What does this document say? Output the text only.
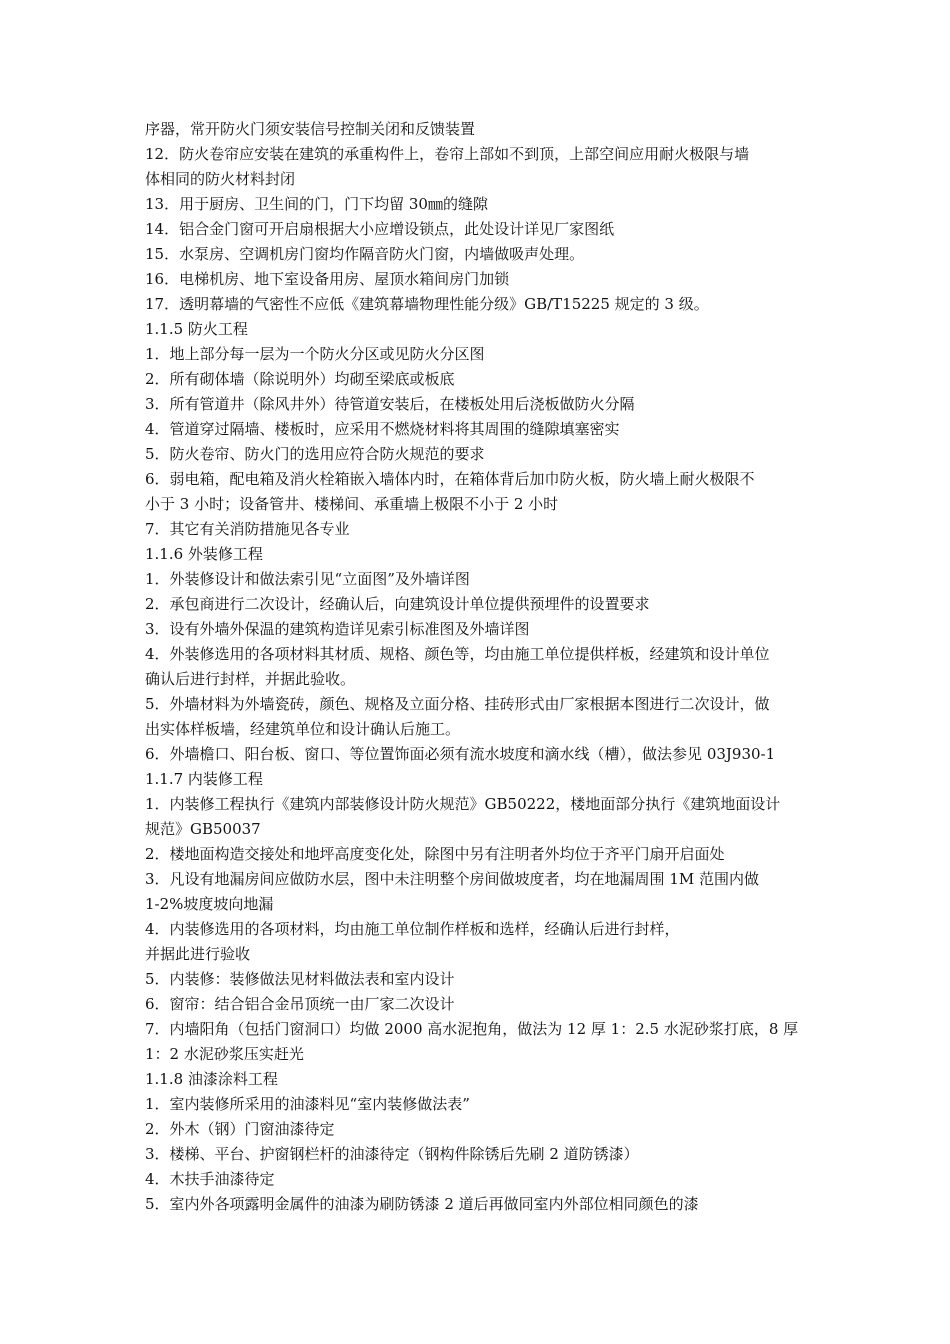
序器，常开防火门须安装信号控制关闭和反馈装置
12．防火卷帘应安装在建筑的承重构件上，卷帘上部如不到顶，上部空间应用耐火极限与墙
体相同的防火材料封闭
13．用于厨房、卫生间的门，门下均留 30㎜的缝隙
14．铝合金门窗可开启扇根据大小应增设锁点，此处设计详见厂家图纸
15．水泵房、空调机房门窗均作隔音防火门窗，内墙做吸声处理。
16．电梯机房、地下室设备用房、屋顶水箱间房门加锁
17．透明幕墙的气密性不应低《建筑幕墙物理性能分级》GB/T15225 规定的 3 级。
1.1.5 防火工程
1．地上部分每一层为一个防火分区或见防火分区图
2．所有砌体墙（除说明外）均砌至梁底或板底
3．所有管道井（除风井外）待管道安装后，在楼板处用后浇板做防火分隔
4．管道穿过隔墙、楼板时，应采用不燃烧材料将其周围的缝隙填塞密实
5．防火卷帘、防火门的选用应符合防火规范的要求
6．弱电箱，配电箱及消火栓箱嵌入墙体内时，在箱体背后加巾防火板，防火墙上耐火极限不
小于 3 小时；设备管井、楼梯间、承重墙上极限不小于 2 小时
7．其它有关消防措施见各专业
1.1.6 外装修工程
1．外装修设计和做法索引见“立面图”及外墙详图
2．承包商进行二次设计，经确认后，向建筑设计单位提供预埋件的设置要求
3．设有外墙外保温的建筑构造详见索引标准图及外墙详图
4．外装修选用的各项材料其材质、规格、颜色等，均由施工单位提供样板，经建筑和设计单位
确认后进行封样，并据此验收。
5．外墙材料为外墙瓷砖，颜色、规格及立面分格、挂砖形式由厂家根据本图进行二次设计，做
出实体样板墙，经建筑单位和设计确认后施工。
6．外墙檐口、阳台板、窗口、等位置饰面必须有流水坡度和滴水线（槽），做法参见 03J930-1
1.1.7 内装修工程
1．内装修工程执行《建筑内部装修设计防火规范》GB50222，楼地面部分执行《建筑地面设计
规范》GB50037
2．楼地面构造交接处和地坪高度变化处，除图中另有注明者外均位于齐平门扇开启面处
3．凡设有地漏房间应做防水层，图中未注明整个房间做坡度者，均在地漏周围 1M 范围内做
1-2%坡度坡向地漏
4．内装修选用的各项材料，均由施工单位制作样板和选样，经确认后进行封样，
并据此进行验收
5．内装修：装修做法见材料做法表和室内设计
6．窗帘：结合铝合金吊顶统一由厂家二次设计
7．内墙阳角（包括门窗洞口）均做 2000 高水泥抱角，做法为 12 厚 1：2.5 水泥砂浆打底，8 厚
1：2 水泥砂浆压实赶光
1.1.8 油漆涂料工程
1．室内装修所采用的油漆料见“室内装修做法表”
2．外木（钢）门窗油漆待定
3．楼梯、平台、护窗钢栏杆的油漆待定（钢构件除锈后先刷 2 道防锈漆）
4．木扶手油漆待定
5．室内外各项露明金属件的油漆为刷防锈漆 2 道后再做同室内外部位相同颜色的漆
